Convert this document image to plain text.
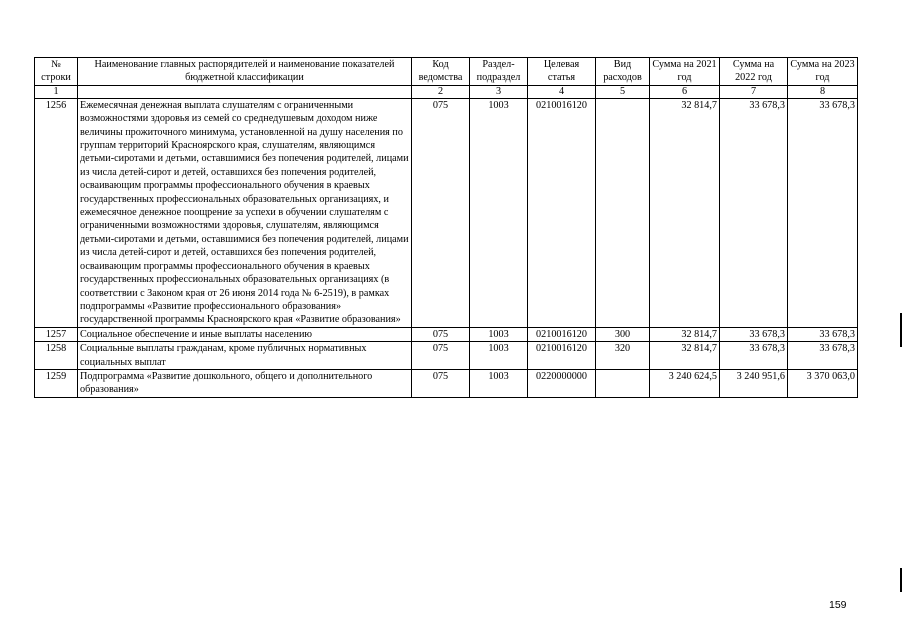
№ строки	Наименование главных распорядителей и наименование показателей бюджетной классификации	Код ведомства	Раздел-подраздел	Целевая статья	Вид расходов	Сумма на 2021 год	Сумма на 2022 год	Сумма на 2023 год
1		2	3	4	5	6	7	8
1256	Ежемесячная денежная выплата слушателям с ограниченными возможностями здоровья из семей со среднедушевым доходом ниже величины прожиточного минимума, установленной на душу населения по группам территорий Красноярского края, слушателям, являющимся детьми-сиротами и детьми, оставшимися без попечения родителей, лицами из числа детей-сирот и детей, оставшихся без попечения родителей, осваивающим программы профессионального обучения в краевых государственных профессиональных образовательных организациях, и ежемесячное денежное поощрение за успехи в обучении слушателям с ограниченными возможностями здоровья, слушателям, являющимся детьми-сиротами и детьми, оставшимися без попечения родителей, лицами из числа детей-сирот и детей, оставшихся без попечения родителей, осваивающим программы профессионального обучения в краевых государственных профессиональных образовательных организациях (в соответствии с Законом края от 26 июня 2014 года № 6-2519), в рамках подпрограммы «Развитие профессионального образования» государственной программы Красноярского края «Развитие образования»	075	1003	0210016120		32 814,7	33 678,3	33 678,3
1257	Социальное обеспечение и иные выплаты населению	075	1003	0210016120	300	32 814,7	33 678,3	33 678,3
1258	Социальные выплаты гражданам, кроме публичных нормативных социальных выплат	075	1003	0210016120	320	32 814,7	33 678,3	33 678,3
1259	Подпрограмма «Развитие дошкольного, общего и дополнительного образования»	075	1003	0220000000		3 240 624,5	3 240 951,6	3 370 063,0
159
